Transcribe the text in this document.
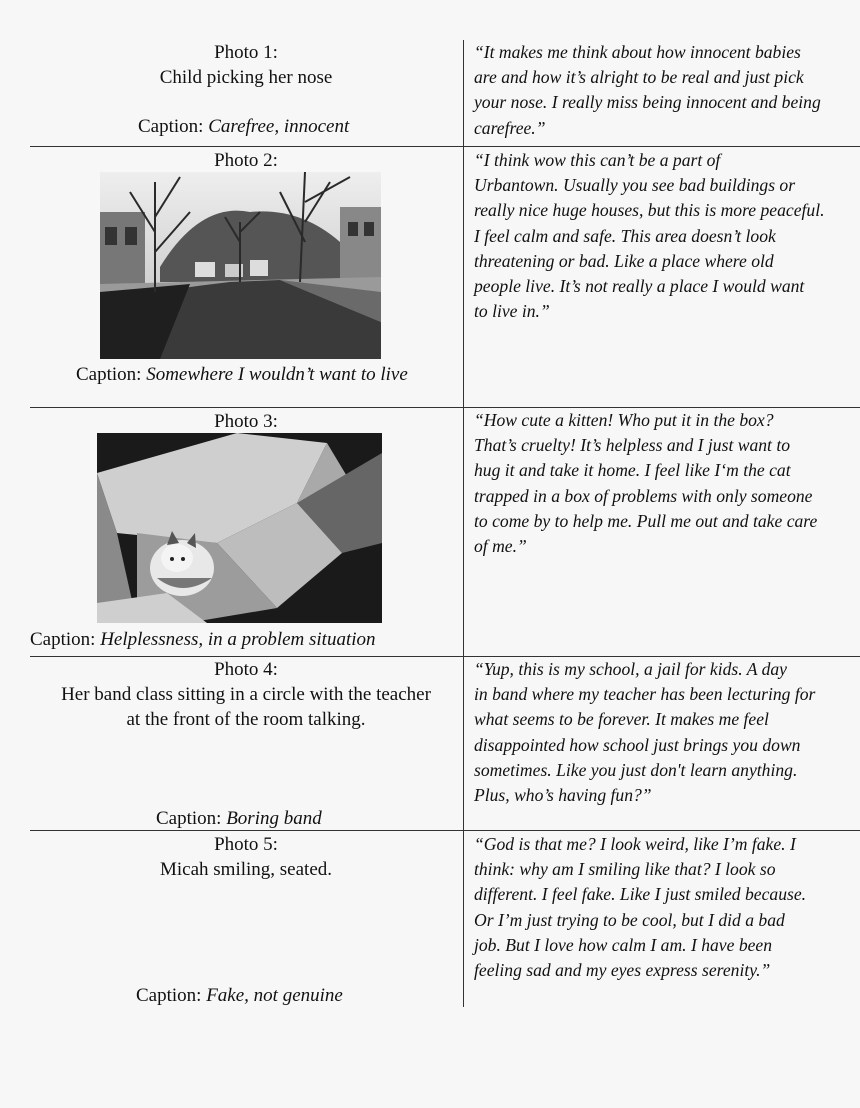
Photo 1:
Child picking her nose
Caption: Carefree, innocent
“It makes me think about how innocent babies
are and how it’s alright to be real and just pick
your nose. I really miss being innocent and being
carefree.”
Photo 2:
Caption: Somewhere I wouldn’t want to live
“I think wow this can’t be a part of
Urbantown. Usually you see bad buildings or
really nice huge houses, but this is more peaceful.
I feel calm and safe. This area doesn’t look
threatening or bad. Like a place where old
people live. It’s not really a place I would want
to live in.”
Photo 3:
Caption: Helplessness, in a problem situation
“How cute a kitten! Who put it in the box?
That’s cruelty! It’s helpless and I just want to
hug it and take it home. I feel like I‘m the cat
trapped in a box of problems with only someone
to come by to help me. Pull me out and take care
of me.”
Photo 4:
Her band class sitting in a circle with the teacher
at the front of the room talking.
Caption: Boring band
“Yup, this is my school, a jail for kids. A day
in band where my teacher has been lecturing for
what seems to be forever. It makes me feel
disappointed how school just brings you down
sometimes. Like you just don't learn anything.
Plus, who’s having fun?”
Photo 5:
Micah smiling, seated.
Caption: Fake, not genuine
“God is that me? I look weird, like I’m fake. I
think: why am I smiling like that? I look so
different. I feel fake. Like I just smiled because.
Or I’m just trying to be cool, but I did a bad
job. But I love how calm I am. I have been
feeling sad and my eyes express serenity.”
